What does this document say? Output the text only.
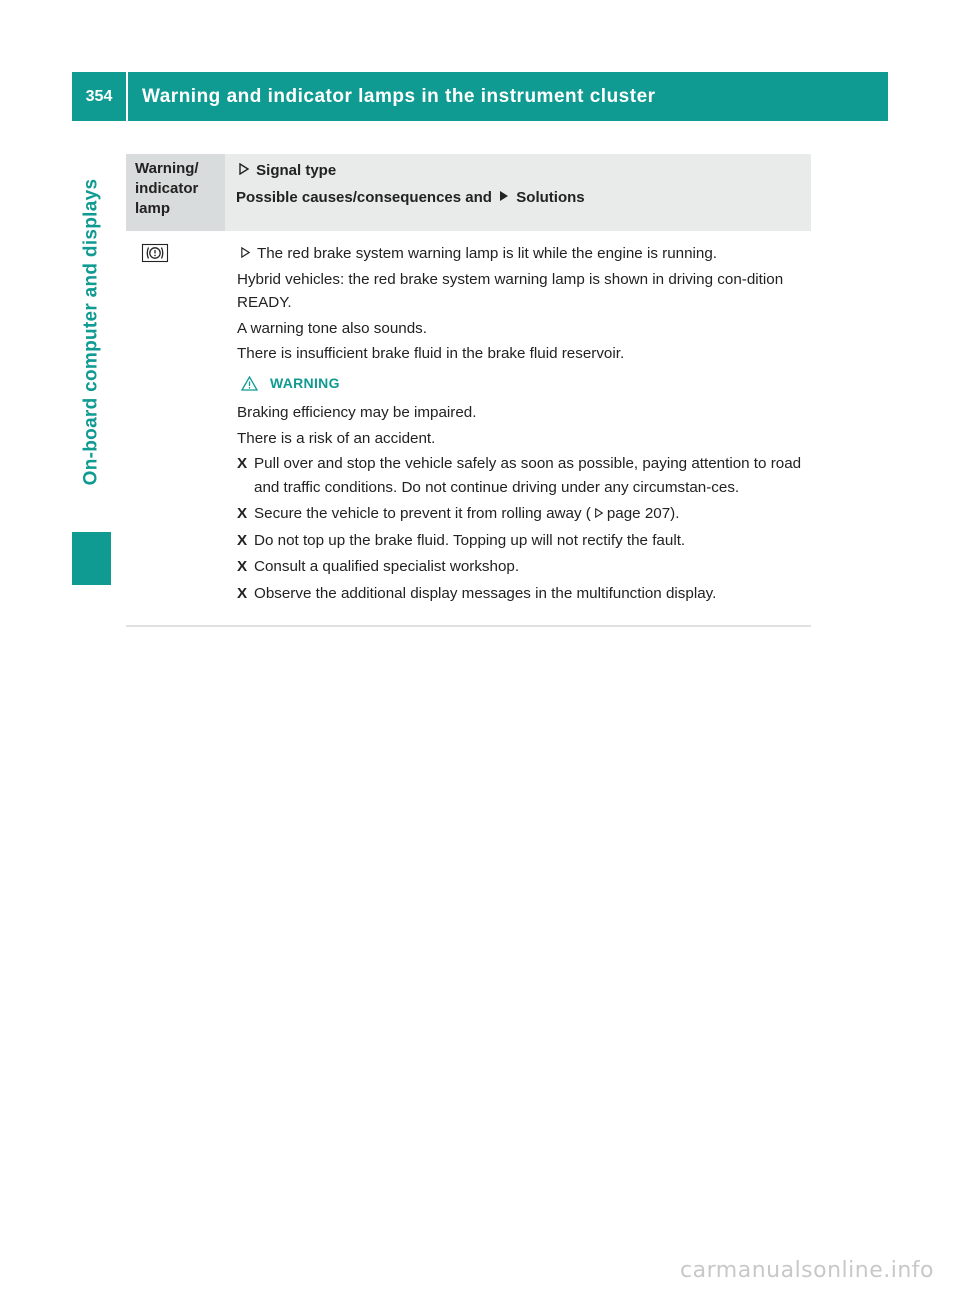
354	Warning and indicator lamps in the instrument cluster
On-board computer and displays
Warning/
indicator
lamp
Signal type
Possible causes/consequences and Solutions

The red brake system warning lamp is lit while the engine is running.

Hybrid vehicles: the red brake system warning lamp is shown in driving con-dition READY.

A warning tone also sounds.

There is insufficient brake fluid in the brake fluid reservoir.

WARNING

Braking efficiency may be impaired.

There is a risk of an accident.

X Pull over and stop the vehicle safely as soon as possible, paying attention to road and traffic conditions. Do not continue driving under any circumstan-ces.
X Secure the vehicle to prevent it from rolling away ( page 207).
X Do not top up the brake fluid. Topping up will not rectify the fault.
X Consult a qualified specialist workshop.
X Observe the additional display messages in the multifunction display.
carmanualsonline.info
